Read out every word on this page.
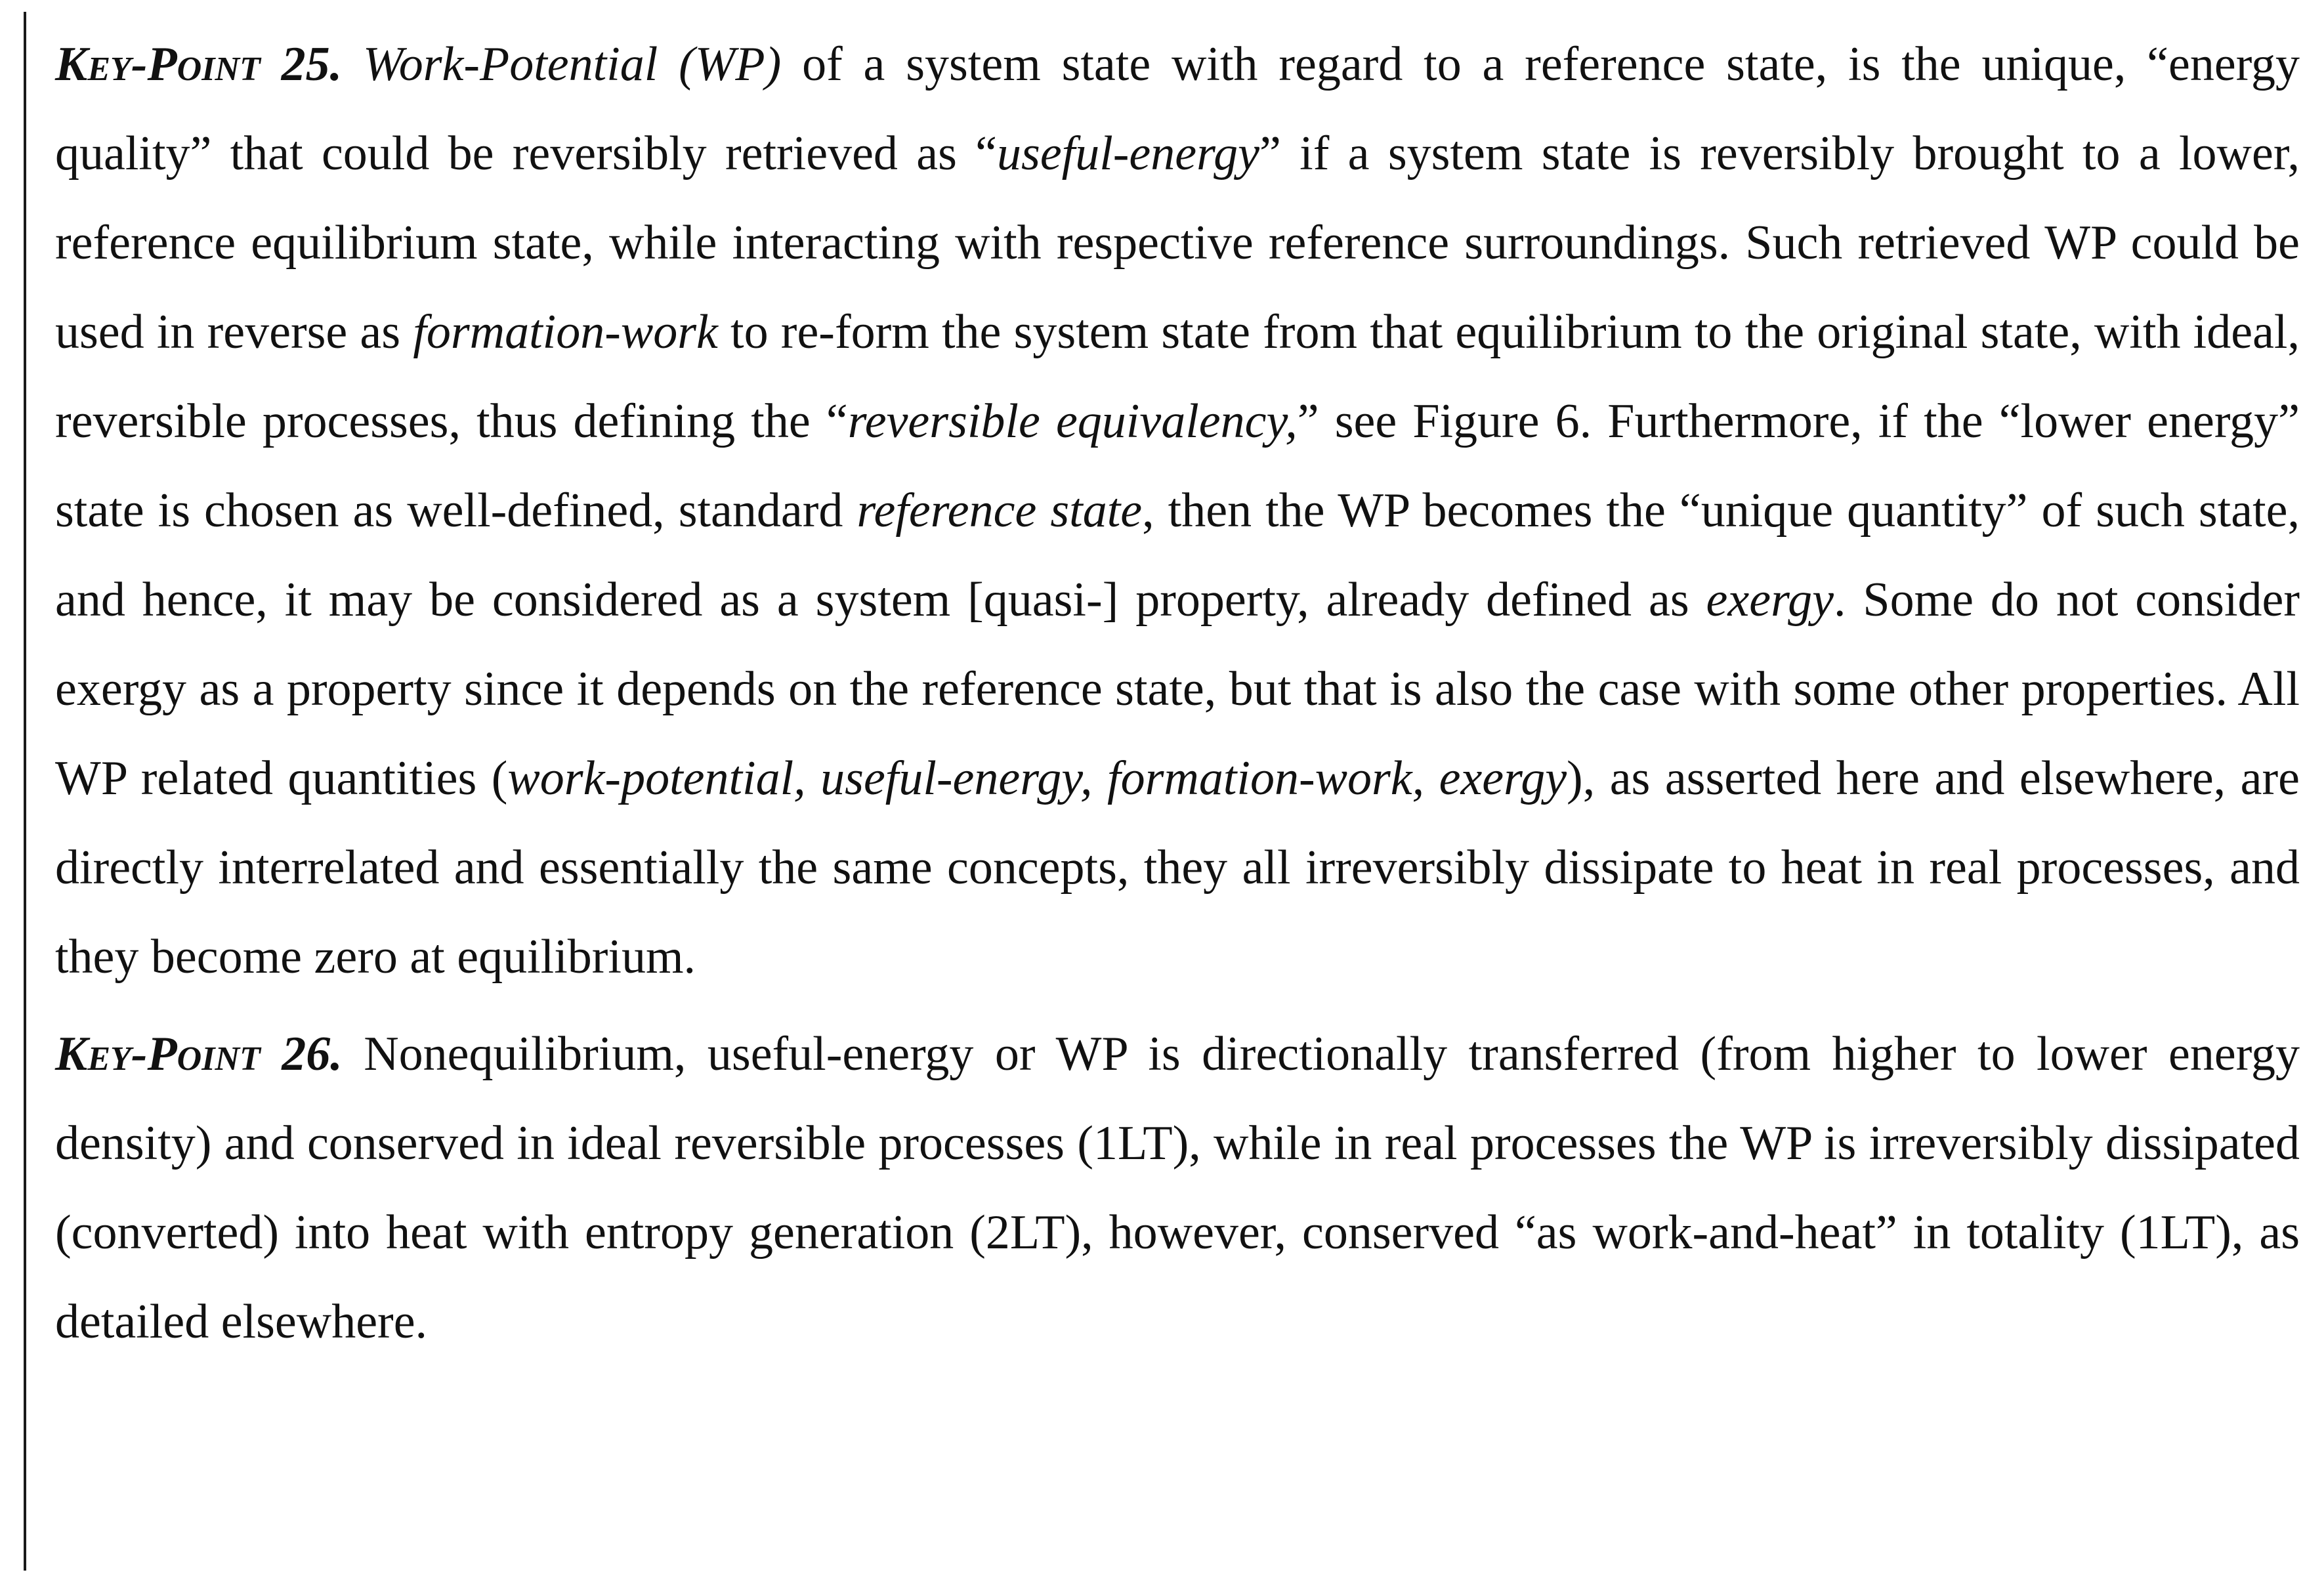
Key-Point 25. Work-Potential (WP) of a system state with regard to a reference state, is the unique, “energy quality” that could be reversibly retrieved as “useful-energy” if a system state is reversibly brought to a lower, reference equilibrium state, while interacting with respective reference surroundings. Such retrieved WP could be used in reverse as formation-work to re-form the system state from that equilibrium to the original state, with ideal, reversible processes, thus defining the “reversible equivalency,” see Figure 6. Furthermore, if the “lower energy” state is chosen as well-defined, standard reference state, then the WP becomes the “unique quantity” of such state, and hence, it may be considered as a system [quasi-] property, already defined as exergy. Some do not consider exergy as a property since it depends on the reference state, but that is also the case with some other properties. All WP related quantities (work-potential, useful-energy, formation-work, exergy), as asserted here and elsewhere, are directly interrelated and essentially the same concepts, they all irreversibly dissipate to heat in real processes, and they become zero at equilibrium.

Key-Point 26. Nonequilibrium, useful-energy or WP is directionally transferred (from higher to lower energy density) and conserved in ideal reversible processes (1LT), while in real processes the WP is irreversibly dissipated (converted) into heat with entropy generation (2LT), however, conserved “as work-and-heat” in totality (1LT), as detailed elsewhere.
